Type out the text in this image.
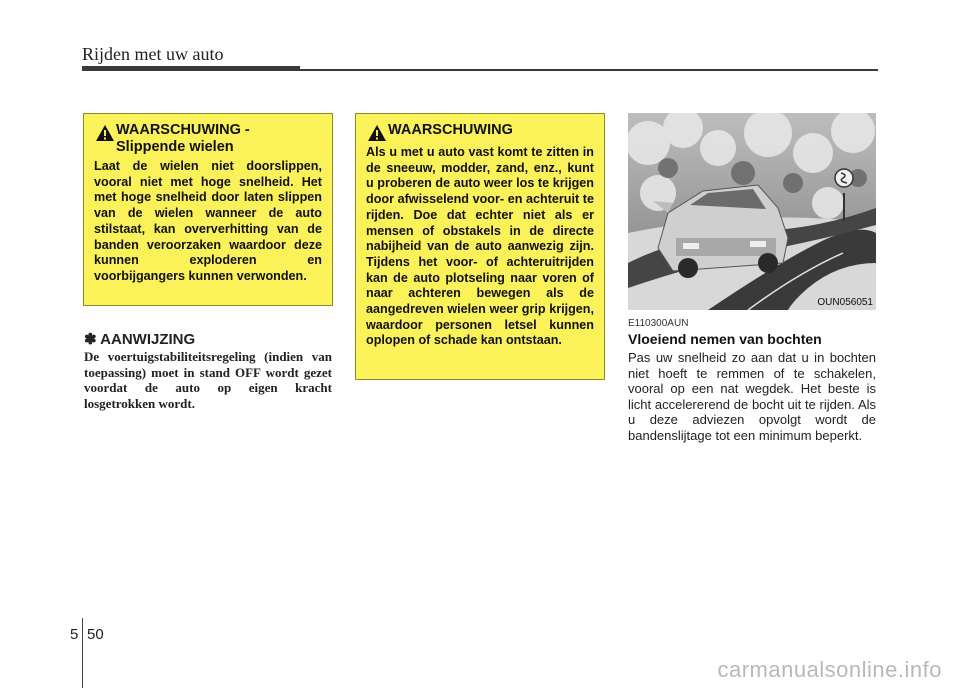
Rijden met uw auto
WAARSCHUWING -
Slippende wielen
Laat de wielen niet doorslippen, vooral niet met hoge snelheid. Het met hoge snelheid door laten slippen van de wielen wanneer de auto stilstaat, kan oververhitting van de banden veroorzaken waardoor deze kunnen exploderen en voorbijgangers kunnen verwonden.
✽ AANWIJZING
De voertuigstabiliteitsregeling (indien van toepassing) moet in stand OFF wordt gezet voordat de auto op eigen kracht losgetrokken wordt.
WAARSCHUWING
Als u met u auto vast komt te zitten in de sneeuw, modder, zand, enz., kunt u proberen de auto weer los te krijgen door afwisselend voor- en achteruit te rijden. Doe dat echter niet als er mensen of obstakels in de directe nabijheid van de auto aanwezig zijn. Tijdens het voor- of achteruitrijden kan de auto plotseling naar voren of naar achteren bewegen als de aangedreven wielen weer grip krijgen, waardoor personen letsel kunnen oplopen of schade kan ontstaan.
OUN056051
E110300AUN
Vloeiend nemen van bochten
Pas uw snelheid zo aan dat u in bochten niet hoeft te remmen of te schakelen, vooral op een nat wegdek. Het beste is licht accelererend de bocht uit te rijden. Als u deze adviezen opvolgt wordt de bandenslijtage tot een minimum beperkt.
5 50
carmanualsonline.info
